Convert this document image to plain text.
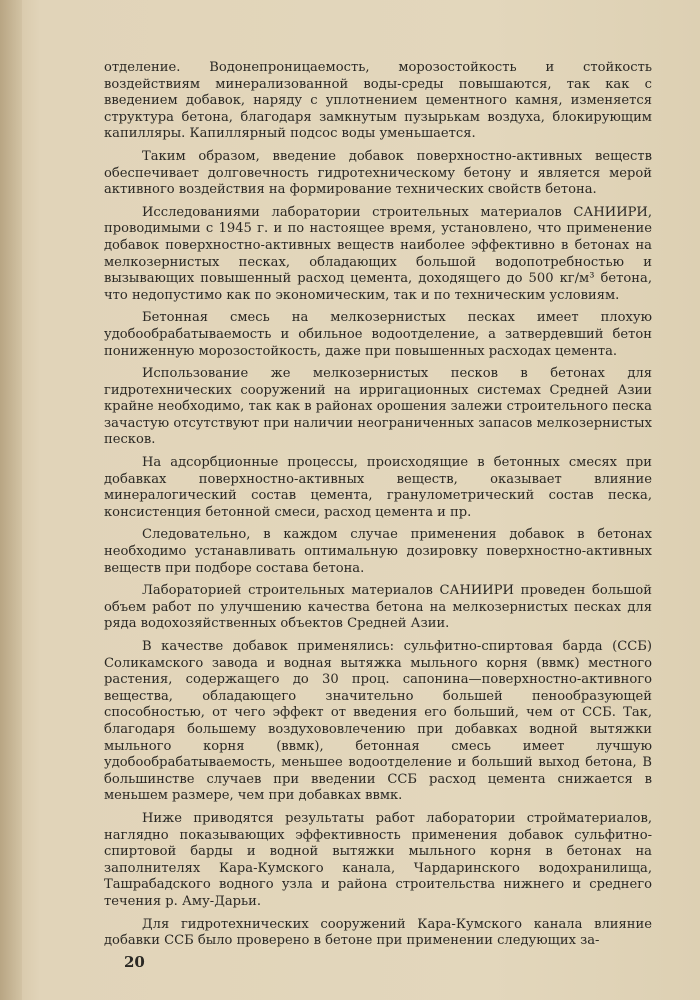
отделение. Водонепроницаемость, морозостойкость и стойкость воздействиям минерализованной воды-среды повышаются, так как с введением добавок, наряду с уплотнением цементного камня, изменяется структура бетона, благодаря замкнутым пузырькам воздуха, блокирующим капилляры. Капиллярный подсос воды уменьшается.

Таким образом, введение добавок поверхностно-активных веществ обеспечивает долговечность гидротехническому бетону и является мерой активного воздействия на формирование технических свойств бетона.

Исследованиями лаборатории строительных материалов САНИИРИ, проводимыми с 1945 г. и по настоящее время, установлено, что применение добавок поверхностно-активных веществ наиболее эффективно в бетонах на мелкозернистых песках, обладающих большой водопотребностью и вызывающих повышенный расход цемента, доходящего до 500 кг/м³ бетона, что недопустимо как по экономическим, так и по техническим условиям.

Бетонная смесь на мелкозернистых песках имеет плохую удобообрабатываемость и обильное водоотделение, а затвердевший бетон пониженную морозостойкость, даже при повышенных расходах цемента.

Использование же мелкозернистых песков в бетонах для гидротехнических сооружений на ирригационных системах Средней Азии крайне необходимо, так как в районах орошения залежи строительного песка зачастую отсутствуют при наличии неограниченных запасов мелкозернистых песков.

На адсорбционные процессы, происходящие в бетонных смесях при добавках поверхностно-активных веществ, оказывает влияние минералогический состав цемента, гранулометрический состав песка, консистенция бетонной смеси, расход цемента и пр.

Следовательно, в каждом случае применения добавок в бетонах необходимо устанавливать оптимальную дозировку поверхностно-активных веществ при подборе состава бетона.

Лабораторией строительных материалов САНИИРИ проведен большой объем работ по улучшению качества бетона на мелкозернистых песках для ряда водохозяйственных объектов Средней Азии.

В качестве добавок применялись: сульфитно-спиртовая барда (ССБ) Соликамского завода и водная вытяжка мыльного корня (ввмк) местного растения, содержащего до 30 проц. сапонина—поверхностно-активного вещества, обладающего значительно большей пенообразующей способностью, от чего эффект от введения его больший, чем от ССБ. Так, благодаря большему воздухововлечению при добавках водной вытяжки мыльного корня (ввмк), бетонная смесь имеет лучшую удобообрабатываемость, меньшее водоотделение и больший выход бетона, В большинстве случаев при введении ССБ расход цемента снижается в меньшем размере, чем при добавках ввмк.

Ниже приводятся результаты работ лаборатории стройматериалов, наглядно показывающих эффективность применения добавок сульфитно-спиртовой барды и водной вытяжки мыльного корня в бетонах на заполнителях Кара-Кумского канала, Чардаринского водохранилища, Ташрабадского водного узла и района строительства нижнего и среднего течения р. Аму-Дарьи.

Для гидротехнических сооружений Кара-Кумского канала влияние добавки ССБ было проверено в бетоне при применении следующих за-

20
